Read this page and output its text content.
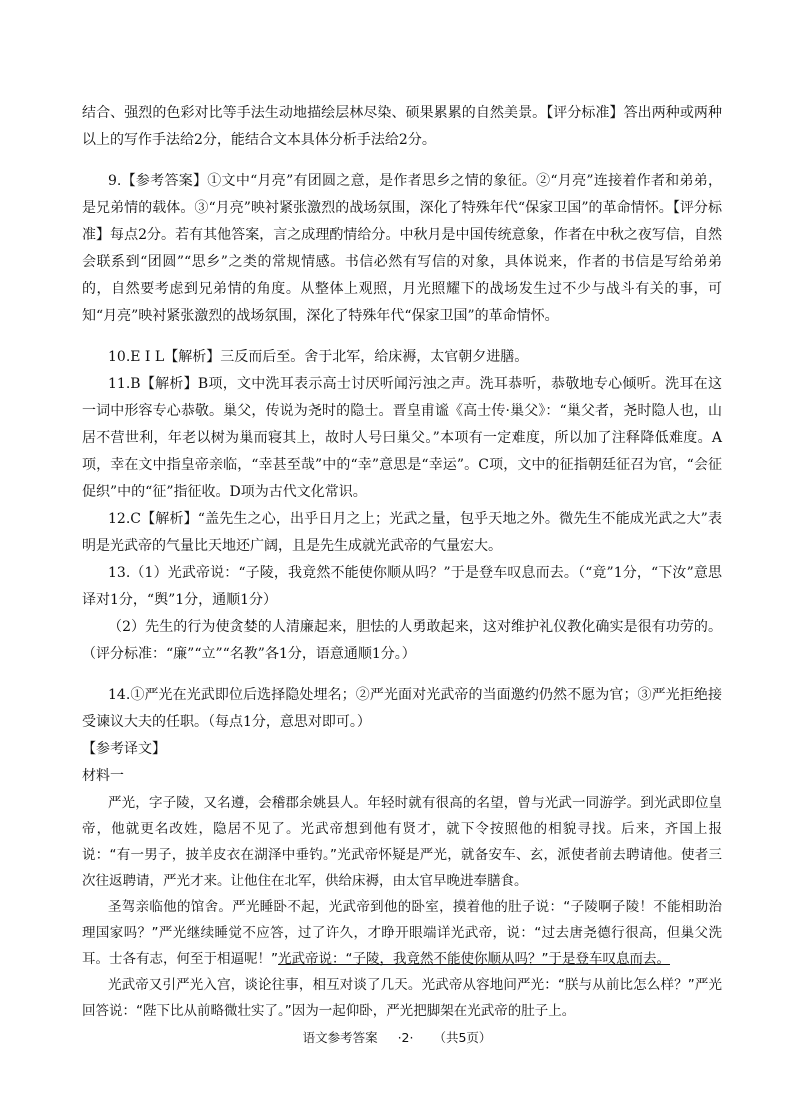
结合、强烈的色彩对比等手法生动地描绘层林尽染、硕果累累的自然美景。【评分标准】答出两种或两种以上的写作手法给2分，能结合文本具体分析手法给2分。

9.【参考答案】①文中“月亮”有团圆之意，是作者思乡之情的象征。②“月亮”连接着作者和弟弟，是兄弟情的载体。③“月亮”映衬紧张激烈的战场氛围，深化了特殊年代“保家卫国”的革命情怀。【评分标准】每点2分。若有其他答案，言之成理酌情给分。中秋月是中国传统意象，作者在中秋之夜写信，自然会联系到“团圆”“思乡”之类的常规情感。书信必然有写信的对象，具体说来，作者的书信是写给弟弟的，自然要考虑到兄弟情的角度。从整体上观照，月光照耀下的战场发生过不少与战斗有关的事，可知“月亮”映衬紧张激烈的战场氛围，深化了特殊年代“保家卫国”的革命情怀。

10.E I L【解析】三反而后至。舍于北军，给床褥，太官朝夕进膳。

11.B【解析】B项，文中洗耳表示高士讨厌听闻污浊之声。洗耳恭听，恭敬地专心倾听。洗耳在这一词中形容专心恭敬。巢父，传说为尧时的隐士。晋皇甫谧《高士传·巢父》：“巢父者，尧时隐人也，山居不营世利，年老以树为巢而寝其上，故时人号曰巢父。”本项有一定难度，所以加了注释降低难度。A项，幸在文中指皇帝亲临，“幸甚至哉”中的“幸”意思是“幸运”。C项，文中的征指朝廷征召为官，“会征促织”中的“征”指征收。D项为古代文化常识。

12.C【解析】“盖先生之心，出乎日月之上；光武之量，包乎天地之外。微先生不能成光武之大”表明是光武帝的气量比天地还广阔，且是先生成就光武帝的气量宏大。

13.（1）光武帝说：“子陵，我竟然不能使你顺从吗？”于是登车叹息而去。（“竟”1分，“下汝”意思译对1分，“舆”1分，通顺1分）

（2）先生的行为使贪婪的人清廉起来，胆怯的人勇敢起来，这对维护礼仪教化确实是很有功劳的。（评分标准：“廉”“立”“名教”各1分，语意通顺1分。）

14.①严光在光武即位后选择隐处埋名；②严光面对光武帝的当面邀约仍然不愿为官；③严光拒绝接受谏议大夫的任职。（每点1分，意思对即可。）

【参考译文】

材料一

严光，字子陵，又名遵，会稽郡余姚县人。年轻时就有很高的名望，曾与光武一同游学。到光武即位皇帝，他就更名改姓，隐居不见了。光武帝想到他有贤才，就下令按照他的相貌寻找。后来，齐国上报说：“有一男子，披羊皮衣在湖泽中垂钓。”光武帝怀疑是严光，就备安车、玄，派使者前去聘请他。使者三次往返聘请，严光才来。让他住在北军，供给床褥，由太官早晚进奉膳食。

圣驾亲临他的馆舍。严光睡卧不起，光武帝到他的卧室，摸着他的肚子说：“子陵啊子陵！不能相助治理国家吗？”严光继续睡觉不应答，过了许久，才睁开眼端详光武帝，说：“过去唐尧德行很高，但巢父洗耳。士各有志，何至于相逼呢！”光武帝说：“子陵，我竟然不能使你顺从吗？”于是登车叹息而去。

光武帝又引严光入宫，谈论往事，相互对谈了几天。光武帝从容地问严光：“朕与从前比怎么样？”严光回答说：“陛下比从前略微壮实了。”因为一起仰卧，严光把脚架在光武帝的肚子上。

语文参考答案 ·2· （共5页）
